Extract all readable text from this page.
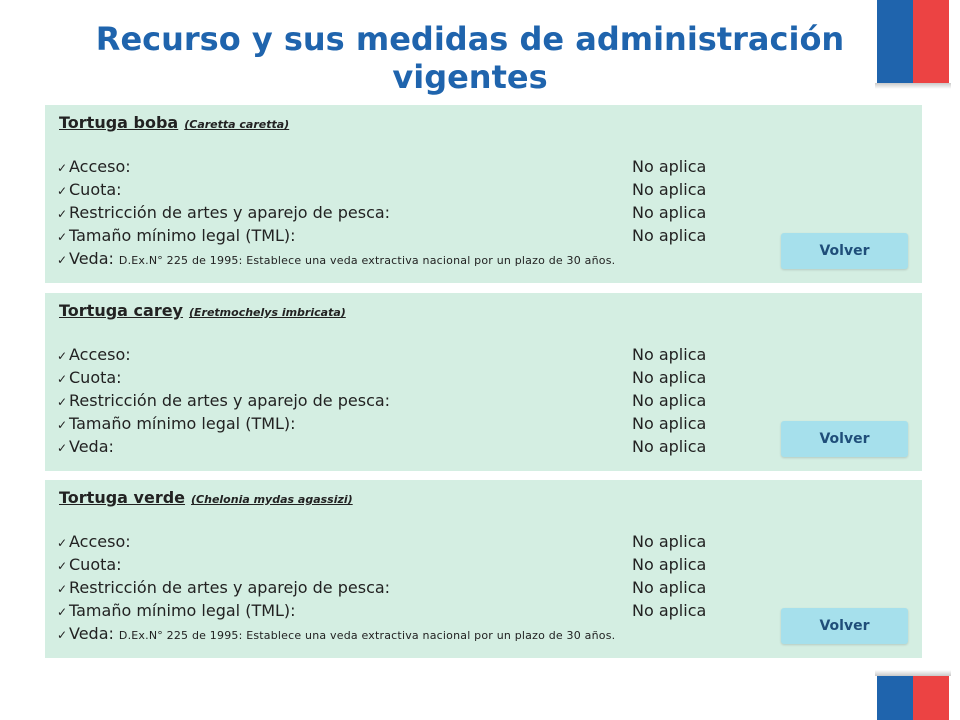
Recurso y sus medidas de administración
vigentes
Tortuga boba (Caretta caretta)
✓ Acceso:	No aplica
✓ Cuota:	No aplica
✓ Restricción de artes y aparejo de pesca:	No aplica
✓ Tamaño mínimo legal (TML):	No aplica
✓ Veda: D.Ex.N° 225 de 1995: Establece una veda extractiva nacional por un plazo de 30 años.
Volver
Tortuga carey (Eretmochelys imbricata)
✓ Acceso:	No aplica
✓ Cuota:	No aplica
✓ Restricción de artes y aparejo de pesca:	No aplica
✓ Tamaño mínimo legal (TML):	No aplica
✓ Veda:	No aplica	Volver
Tortuga verde (Chelonia mydas agassizi)
✓ Acceso:	No aplica
✓ Cuota:	No aplica
✓ Restricción de artes y aparejo de pesca:	No aplica
✓ Tamaño mínimo legal (TML):	No aplica
✓ Veda: D.Ex.N° 225 de 1995: Establece una veda extractiva nacional por un plazo de 30 años.
Volver
